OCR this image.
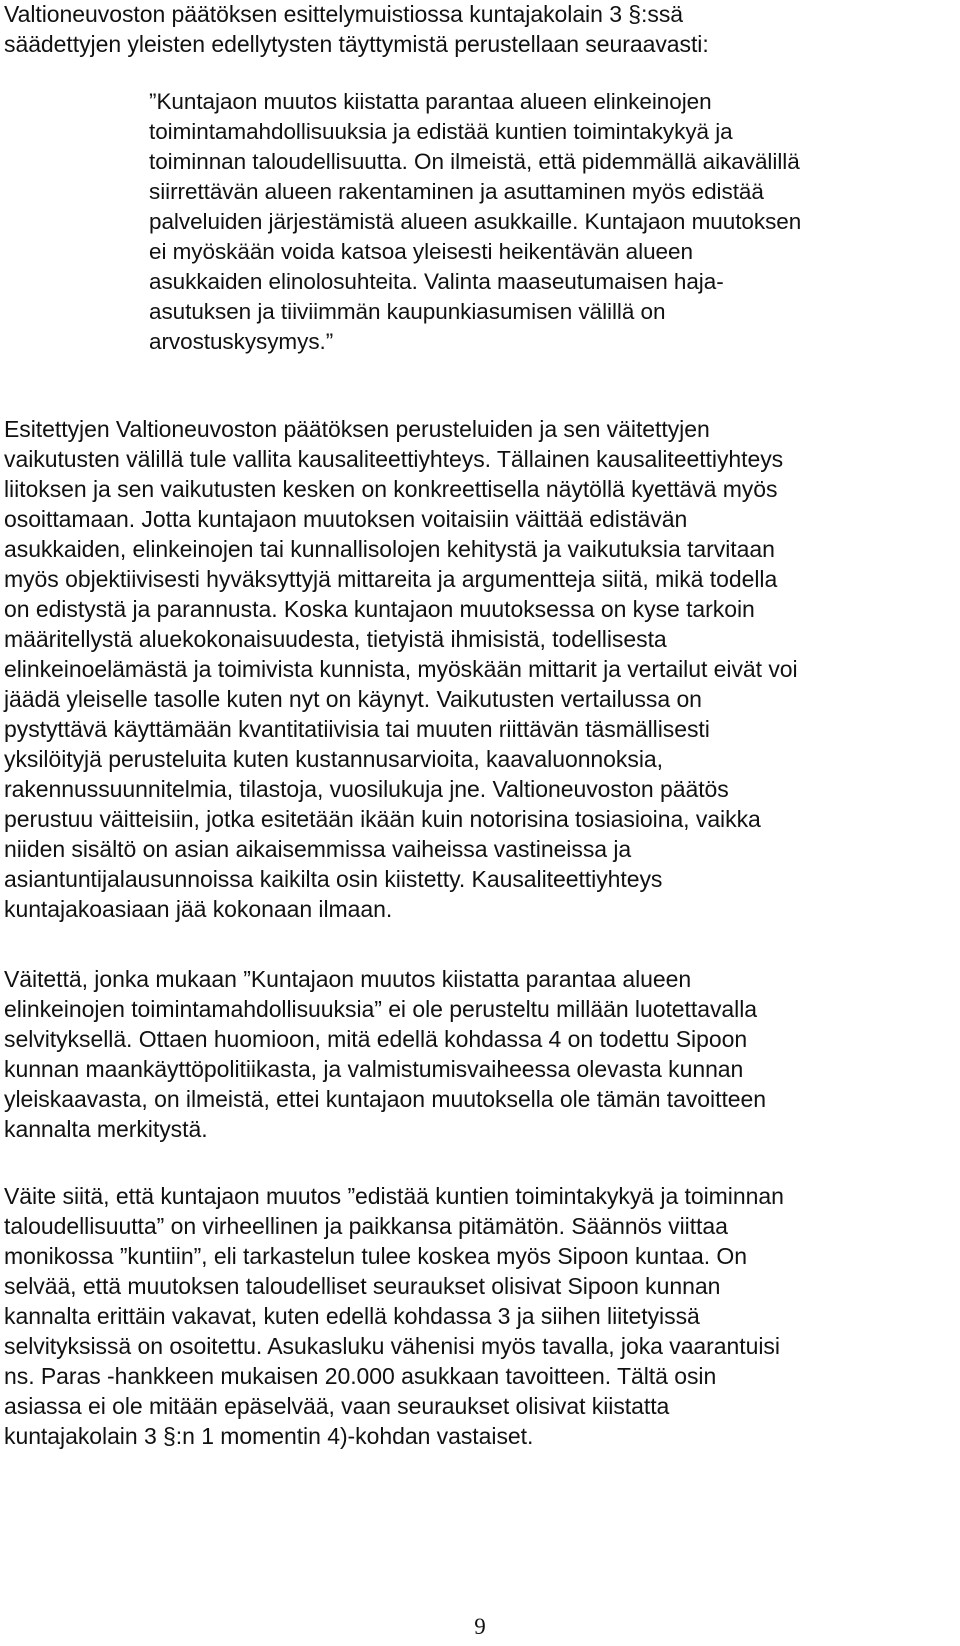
Valtioneuvoston päätöksen esittelymuistiossa kuntajakolain 3 §:ssä
säädettyjen yleisten edellytysten täyttymistä perustellaan seuraavasti:
”Kuntajaon muutos kiistatta parantaa alueen elinkeinojen
toimintamahdollisuuksia ja edistää kuntien toimintakykyä ja
toiminnan taloudellisuutta. On ilmeistä, että pidemmällä aikavälillä
siirrettävän alueen rakentaminen ja asuttaminen myös edistää
palveluiden järjestämistä alueen asukkaille. Kuntajaon muutoksen
ei myöskään voida katsoa yleisesti heikentävän alueen
asukkaiden elinolosuhteita. Valinta maaseutumaisen haja-
asutuksen ja tiiviimmän kaupunkiasumisen välillä on
arvostuskysymys.”
Esitettyjen Valtioneuvoston päätöksen perusteluiden ja sen väitettyjen
vaikutusten välillä tule vallita kausaliteettiyhteys. Tällainen kausaliteettiyhteys
liitoksen ja sen vaikutusten kesken on konkreettisella näytöllä kyettävä myös
osoittamaan. Jotta kuntajaon muutoksen voitaisiin väittää edistävän
asukkaiden, elinkeinojen tai kunnallisolojen kehitystä ja vaikutuksia tarvitaan
myös objektiivisesti hyväksyttyjä mittareita ja argumentteja siitä, mikä todella
on edistystä ja parannusta. Koska kuntajaon muutoksessa on kyse tarkoin
määritellystä aluekokonaisuudesta, tietyistä ihmisistä, todellisesta
elinkeinoelämästä ja toimivista kunnista, myöskään mittarit ja vertailut eivät voi
jäädä yleiselle tasolle kuten nyt on käynyt. Vaikutusten vertailussa on
pystyttävä käyttämään kvantitatiivisia tai muuten riittävän täsmällisesti
yksilöityjä perusteluita kuten kustannusarvioita, kaavaluonnoksia,
rakennussuunnitelmia, tilastoja, vuosilukuja jne. Valtioneuvoston päätös
perustuu väitteisiin, jotka esitetään ikään kuin notorisina tosiasioina, vaikka
niiden sisältö on asian aikaisemmissa vaiheissa vastineissa ja
asiantuntijalausunnoissa kaikilta osin kiistetty. Kausaliteettiyhteys
kuntajakoasiaan jää kokonaan ilmaan.
Väitettä, jonka mukaan ”Kuntajaon muutos kiistatta parantaa alueen
elinkeinojen toimintamahdollisuuksia” ei ole perusteltu millään luotettavalla
selvityksellä. Ottaen huomioon, mitä edellä kohdassa 4 on todettu Sipoon
kunnan maankäyttöpolitiikasta, ja valmistumisvaiheessa olevasta kunnan
yleiskaavasta, on ilmeistä, ettei kuntajaon muutoksella ole tämän tavoitteen
kannalta merkitystä.
Väite siitä, että kuntajaon muutos ”edistää kuntien toimintakykyä ja toiminnan
taloudellisuutta” on virheellinen ja paikkansa pitämätön. Säännös viittaa
monikossa ”kuntiin”, eli tarkastelun tulee koskea myös Sipoon kuntaa. On
selvää, että muutoksen taloudelliset seuraukset olisivat Sipoon kunnan
kannalta erittäin vakavat, kuten edellä kohdassa 3 ja siihen liitetyissä
selvityksissä on osoitettu. Asukasluku vähenisi myös tavalla, joka vaarantuisi
ns. Paras -hankkeen mukaisen 20.000 asukkaan tavoitteen. Tältä osin
asiassa ei ole mitään epäselvää, vaan seuraukset olisivat kiistatta
kuntajakolain 3 §:n 1 momentin 4)-kohdan vastaiset.
9
